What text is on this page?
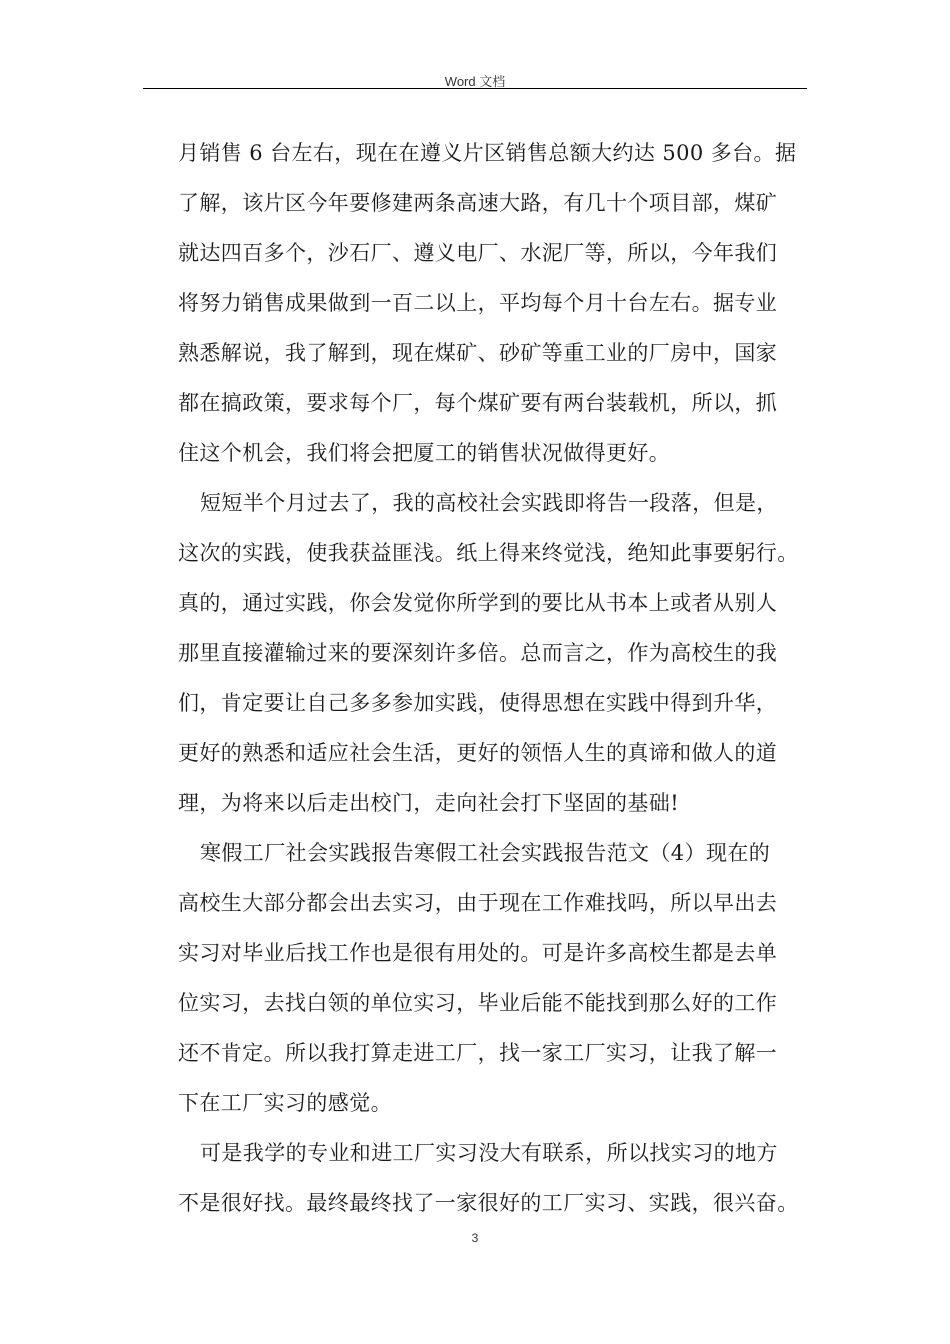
Word 文档
月销售 6 台左右，现在在遵义片区销售总额大约达 500 多台。据
了解，该片区今年要修建两条高速大路，有几十个项目部，煤矿
就达四百多个，沙石厂、遵义电厂、水泥厂等，所以，今年我们
将努力销售成果做到一百二以上，平均每个月十台左右。据专业
熟悉解说，我了解到，现在煤矿、砂矿等重工业的厂房中，国家
都在搞政策，要求每个厂，每个煤矿要有两台装载机，所以，抓
住这个机会，我们将会把厦工的销售状况做得更好。
短短半个月过去了，我的高校社会实践即将告一段落，但是，
这次的实践，使我获益匪浅。纸上得来终觉浅，绝知此事要躬行。
真的，通过实践，你会发觉你所学到的要比从书本上或者从别人
那里直接灌输过来的要深刻许多倍。总而言之，作为高校生的我
们，肯定要让自己多多参加实践，使得思想在实践中得到升华，
更好的熟悉和适应社会生活，更好的领悟人生的真谛和做人的道
理，为将来以后走出校门，走向社会打下坚固的基础!
寒假工厂社会实践报告寒假工社会实践报告范文（4）现在的
高校生大部分都会出去实习，由于现在工作难找吗，所以早出去
实习对毕业后找工作也是很有用处的。可是许多高校生都是去单
位实习，去找白领的单位实习，毕业后能不能找到那么好的工作
还不肯定。所以我打算走进工厂，找一家工厂实习，让我了解一
下在工厂实习的感觉。
可是我学的专业和进工厂实习没大有联系，所以找实习的地方
不是很好找。最终最终找了一家很好的工厂实习、实践，很兴奋。
3
